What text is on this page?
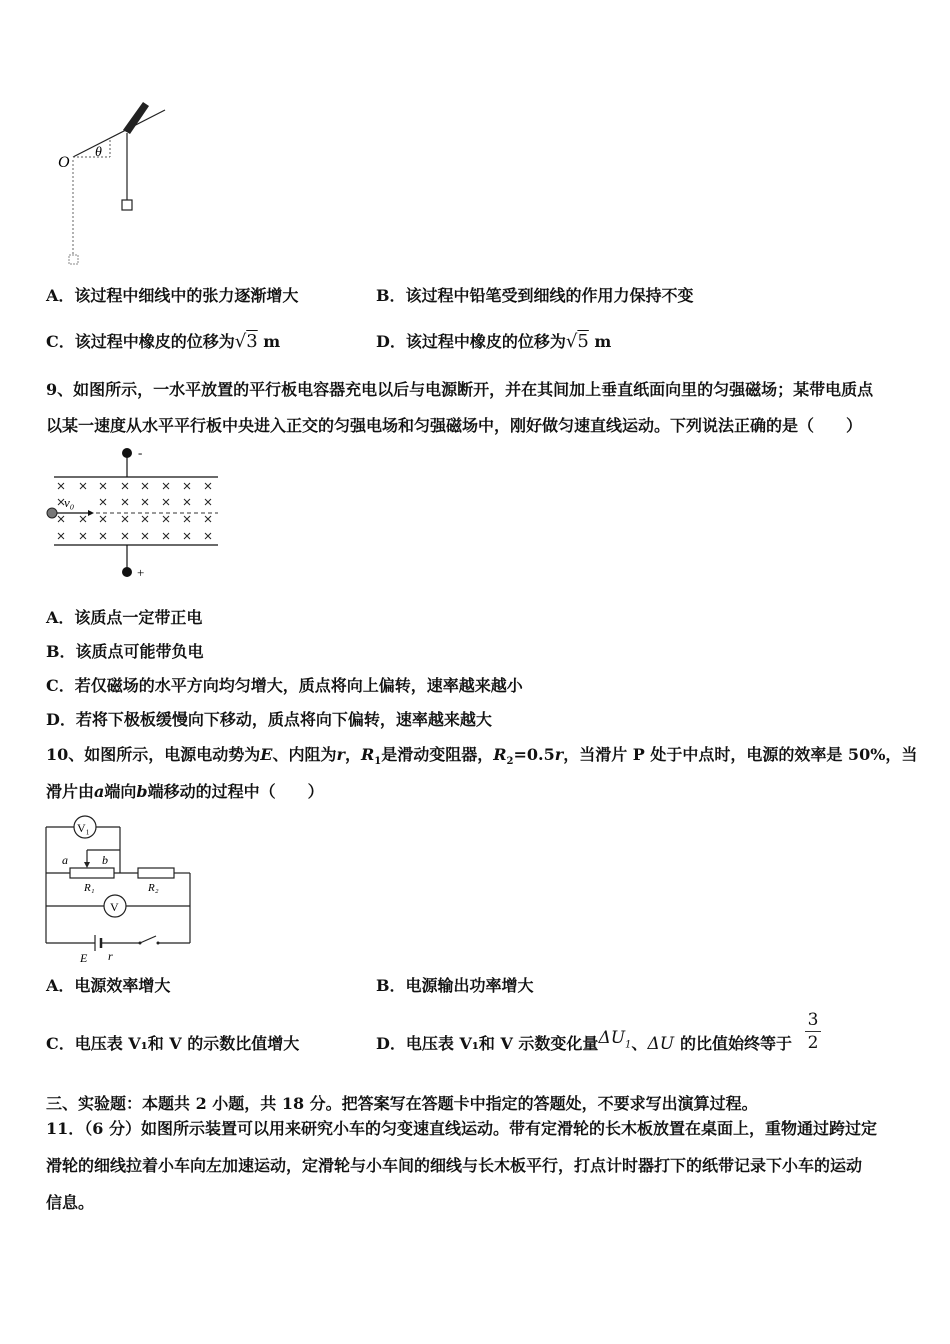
O
θ
A．该过程中细线中的张力逐渐增大	B．该过程中铅笔受到细线的作用力保持不变
C．该过程中橡皮的位移为√3 m	D．该过程中橡皮的位移为√5 m
9、如图所示，一水平放置的平行板电容器充电以后与电源断开，并在其间加上垂直纸面向里的匀强磁场；某带电质点
以某一速度从水平平行板中央进入正交的匀强电场和匀强磁场中，刚好做匀速直线运动。下列说法正确的是（　　）
-
+
v₀
A．该质点一定带正电
B．该质点可能带负电
C．若仅磁场的水平方向均匀增大，质点将向上偏转，速率越来越小
D．若将下极板缓慢向下移动，质点将向下偏转，速率越来越大
10、如图所示，电源电动势为E、内阻为r，$R_1$是滑动变阻器，$R_2=0.5r$，当滑片 P 处于中点时，电源的效率是 50%，当
滑片由a端向b端移动的过程中（　　）
V₁
V
a	b
R₁	R₂
E r
A．电源效率增大	B．电源输出功率增大
C．电压表 V₁和 V 的示数比值增大	D．电压表 V₁和 V 示数变化量$\Delta U_1$、ΔU 的比值始终等于
3
2
三、实验题：本题共 2 小题，共 18 分。把答案写在答题卡中指定的答题处，不要求写出演算过程。
11．（6 分）如图所示装置可以用来研究小车的匀变速直线运动。带有定滑轮的长木板放置在桌面上，重物通过跨过定
滑轮的细线拉着小车向左加速运动，定滑轮与小车间的细线与长木板平行，打点计时器打下的纸带记录下小车的运动
信息。
